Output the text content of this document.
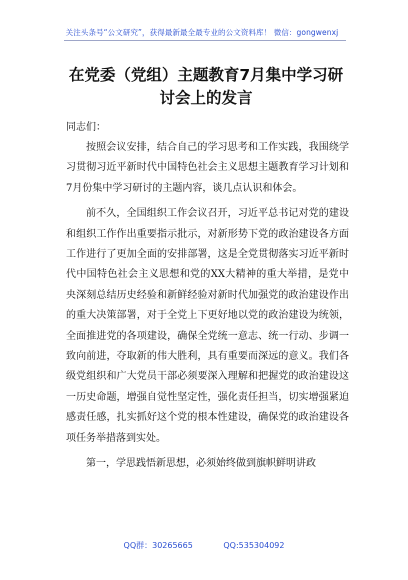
关注头条号“公文研究”，获得最新最全最专业的公文资料库！ 微信：gongwenxj
在党委（党组）主题教育7月集中学习研
讨会上的发言
同志们：

按照会议安排，结合自己的学习思考和工作实践，我围绕学习贯彻习近平新时代中国特色社会主义思想主题教育学习计划和7月份集中学习研讨的主题内容，谈几点认识和体会。

前不久，全国组织工作会议召开，习近平总书记对党的建设和组织工作作出重要指示批示，对新形势下党的政治建设各方面工作进行了更加全面的安排部署，这是全党贯彻落实习近平新时代中国特色社会主义思想和党的XX大精神的重大举措，是党中央深刻总结历史经验和新鲜经验对新时代加强党的政治建设作出的重大决策部署，对于全党上下更好地以党的政治建设为统领，全面推进党的各项建设，确保全党统一意志、统一行动、步调一致向前进，夺取新的伟大胜利，具有重要而深远的意义。我们各级党组织和广大党员干部必须要深入理解和把握党的政治建设这一历史命题，增强自觉性坚定性，强化责任担当，切实增强紧迫感责任感，扎实抓好这个党的根本性建设，确保党的政治建设各项任务举措落到实处。

第一，学思践悟新思想，必须始终做到旗帜鲜明讲政

QQ群：30265665	QQ:535304092
